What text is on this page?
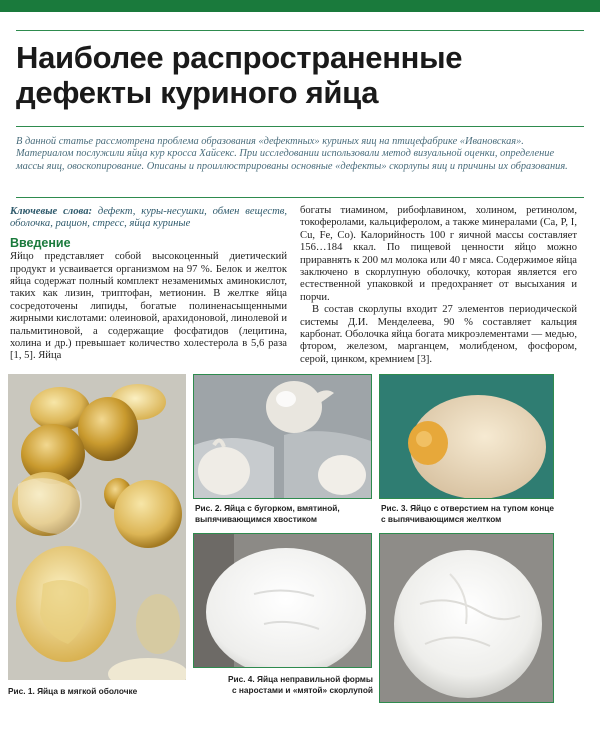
Наиболее распространенные дефекты куриного яйца

В данной статье рассмотрена проблема образования «дефектных» куриных яиц на птицефабрике «Ивановская». Материалом послужили яйца кур кросса Хайсекс. При исследовании использовали метод визуальной оценки, определение массы яиц, овоскопирование. Описаны и проиллюстрированы основные «дефекты» скорлупы яиц и причины их образования.

Ключевые слова: дефект, куры-несушки, обмен веществ, оболочка, рацион, стресс, яйца куриные

Введение

Яйцо представляет собой высокоценный диетический продукт и усваивается организмом на 97 %. Белок и желток яйца содержат полный комплект незаменимых аминокислот, таких как лизин, триптофан, метионин. В желтке яйца сосредоточены липиды, богатые полиненасыщенными жирными кислотами: олеиновой, арахидоновой, линолевой и пальмитиновой, а содержащие фосфатидов (лецитина, холина и др.) превышает количество холестерола в 5,6 раза [1, 5]. Яйца

богаты тиамином, рибофлавином, холином, ретинолом, токоферолами, кальциферолом, а также минералами (Ca, P, I, Cu, Fe, Co). Калорийность 100 г яичной массы составляет 156…184 ккал. По пищевой ценности яйцо можно приравнять к 200 мл молока или 40 г мяса. Содержимое яйца заключено в скорлупную оболочку, которая является его естественной упаковкой и предохраняет от высыхания и порчи.

В состав скорлупы входит 27 элементов периодической системы Д.И. Менделеева, 90 % составляет кальция карбонат. Оболочка яйца богата микроэлементами — медью, фтором, железом, марганцем, молибденом, фосфором, серой, цинком, кремнием [3].

Рис. 1. Яйца в мягкой оболочке
Рис. 2. Яйца с бугорком, вмятиной,
выпячивающимся хвостиком
Рис. 3. Яйцо с отверстием на тупом конце
с выпячивающимся желтком
Рис. 4. Яйца неправильной формы
с наростами и «мятой» скорлупой
